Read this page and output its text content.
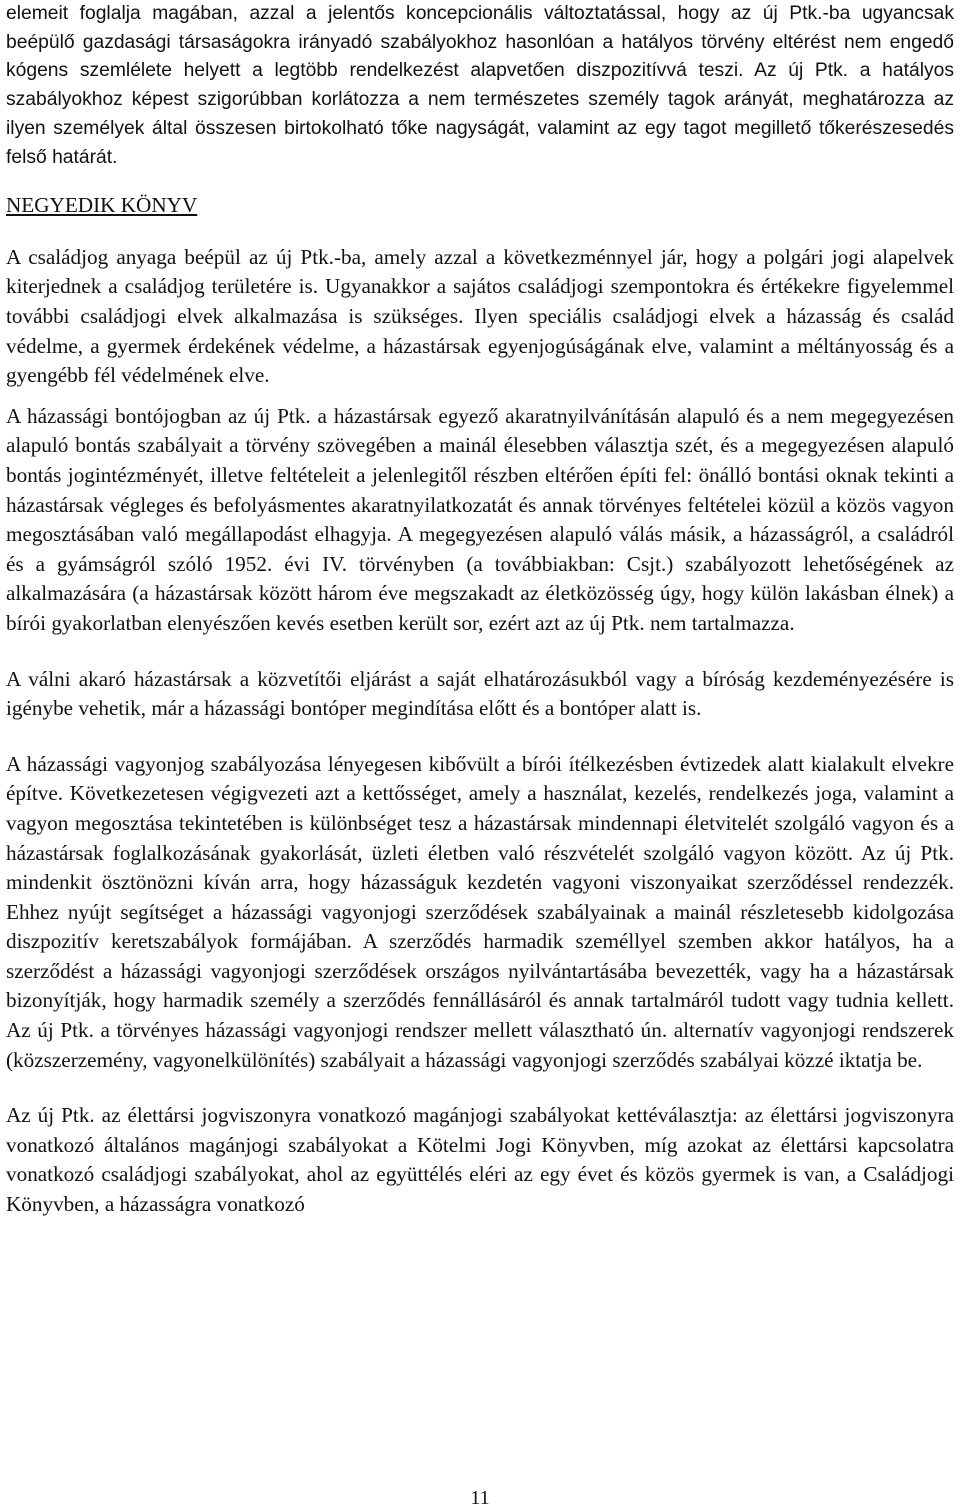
elemeit foglalja magában, azzal a jelentős koncepcionális változtatással, hogy az új Ptk.-ba ugyancsak beépülő gazdasági társaságokra irányadó szabályokhoz hasonlóan a hatályos törvény eltérést nem engedő kógens szemlélete helyett a legtöbb rendelkezést alapvetően diszpozitívvá teszi. Az új Ptk. a hatályos szabályokhoz képest szigorúbban korlátozza a nem természetes személy tagok arányát, meghatározza az ilyen személyek által összesen birtokolható tőke nagyságát, valamint az egy tagot megillető tőkerészesedés felső határát.

NEGYEDIK KÖNYV

A családjog anyaga beépül az új Ptk.-ba, amely azzal a következménnyel jár, hogy a polgári jogi alapelvek kiterjednek a családjog területére is. Ugyanakkor a sajátos családjogi szempontokra és értékekre figyelemmel további családjogi elvek alkalmazása is szükséges. Ilyen speciális családjogi elvek a házasság és család védelme, a gyermek érdekének védelme, a házastársak egyenjogúságának elve, valamint a méltányosság és a gyengébb fél védelmének elve.

A házassági bontójogban az új Ptk. a házastársak egyező akaratnyilvánításán alapuló és a nem megegyezésen alapuló bontás szabályait a törvény szövegében a mainál élesebben választja szét, és a megegyezésen alapuló bontás jogintézményét, illetve feltételeit a jelenlegitől részben eltérően építi fel: önálló bontási oknak tekinti a házastársak végleges és befolyásmentes akaratnyilatkozatát és annak törvényes feltételei közül a közös vagyon megosztásában való megállapodást elhagyja. A megegyezésen alapuló válás másik, a házasságról, a családról és a gyámságról szóló 1952. évi IV. törvényben (a továbbiakban: Csjt.) szabályozott lehetőségének az alkalmazására (a házastársak között három éve megszakadt az életközösség úgy, hogy külön lakásban élnek) a bírói gyakorlatban elenyészően kevés esetben került sor, ezért azt az új Ptk. nem tartalmazza.

A válni akaró házastársak a közvetítői eljárást a saját elhatározásukból vagy a bíróság kezdeményezésére is igénybe vehetik, már a házassági bontóper megindítása előtt és a bontóper alatt is.

A házassági vagyonjog szabályozása lényegesen kibővült a bírói ítélkezésben évtizedek alatt kialakult elvekre építve. Következetesen végigvezeti azt a kettősséget, amely a használat, kezelés, rendelkezés joga, valamint a vagyon megosztása tekintetében is különbséget tesz a házastársak mindennapi életvitelét szolgáló vagyon és a házastársak foglalkozásának gyakorlását, üzleti életben való részvételét szolgáló vagyon között. Az új Ptk. mindenkit ösztönözni kíván arra, hogy házasságuk kezdetén vagyoni viszonyaikat szerződéssel rendezzék. Ehhez nyújt segítséget a házassági vagyonjogi szerződések szabályainak a mainál részletesebb kidolgozása diszpozitív keretszabályok formájában. A szerződés harmadik személlyel szemben akkor hatályos, ha a szerződést a házassági vagyonjogi szerződések országos nyilvántartásába bevezették, vagy ha a házastársak bizonyítják, hogy harmadik személy a szerződés fennállásáról és annak tartalmáról tudott vagy tudnia kellett. Az új Ptk. a törvényes házassági vagyonjogi rendszer mellett választható ún. alternatív vagyonjogi rendszerek (közszerzemény, vagyonelkülönítés) szabályait a házassági vagyonjogi szerződés szabályai közzé iktatja be.

Az új Ptk. az élettársi jogviszonyra vonatkozó magánjogi szabályokat kettéválasztja: az élettársi jogviszonyra vonatkozó általános magánjogi szabályokat a Kötelmi Jogi Könyvben, míg azokat az élettársi kapcsolatra vonatkozó családjogi szabályokat, ahol az együttélés eléri az egy évet és közös gyermek is van, a Családjogi Könyvben, a házasságra vonatkozó

11
